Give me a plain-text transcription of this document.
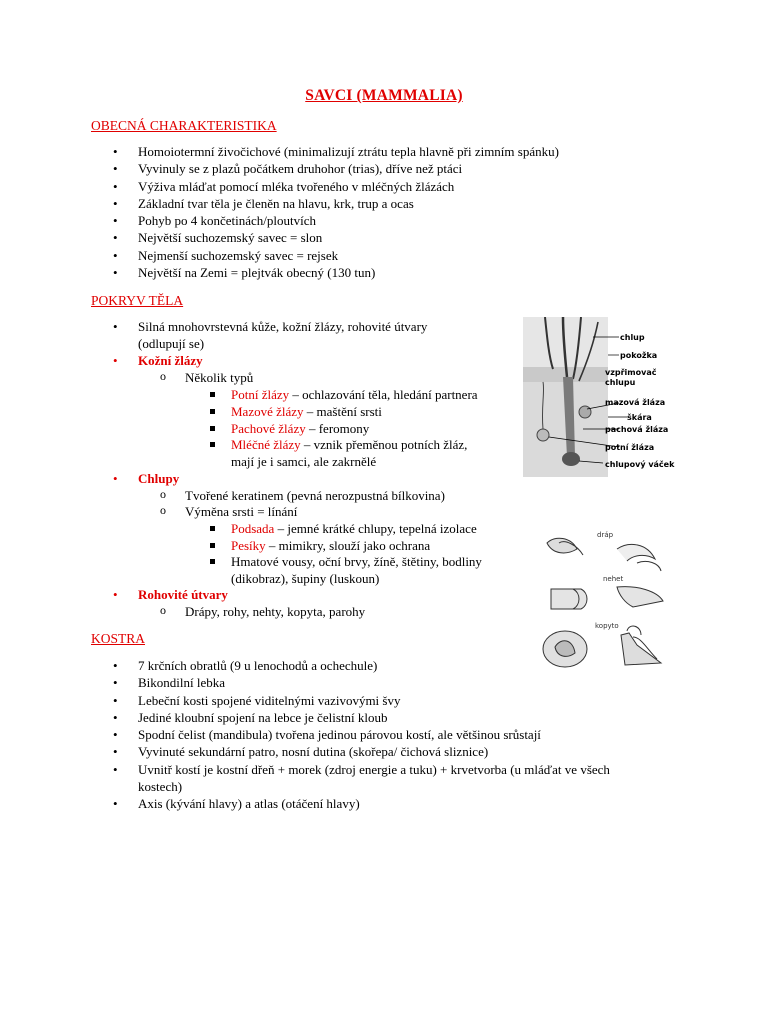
SAVCI (MAMMALIA)
OBECNÁ CHARAKTERISTIKA
• Homoiotermní živočichové (minimalizují ztrátu tepla hlavně při zimním spánku)
• Vyvinuly se z plazů počátkem druhohor (trias), dříve než ptáci
• Výživa mláďat pomocí mléka tvořeného v mléčných žlázách
• Základní tvar těla je členěn na hlavu, krk, trup a ocas
• Pohyb po 4 končetinách/ploutvích
• Největší suchozemský savec = slon
• Nejmenší suchozemský savec = rejsek
• Největší na Zemi = plejtvák obecný (130 tun)
POKRYV TĚLA
• Silná mnohovrstevná kůže, kožní žlázy, rohovité útvary
(odlupují se)
• Kožní žlázy
o Několik typů
Potní žlázy – ochlazování těla, hledání partnera
Mazové žlázy – maštění srsti
Pachové žlázy – feromony
Mléčné žlázy – vznik přeměnou potních žláz,
mají je i samci, ale zakrnělé
• Chlupy
o Tvořené keratinem (pevná nerozpustná bílkovina)
o Výměna srsti = línání
Podsada – jemné krátké chlupy, tepelná izolace
Pesíky – mimikry, slouží jako ochrana
Hmatové vousy, oční brvy, žíně, štětiny, bodliny
(dikobraz), šupiny (luskoun)
• Rohovité útvary
o Drápy, rohy, nehty, kopyta, parohy
KOSTRA
• 7 krčních obratlů (9 u lenochodů a ochechule)
• Bikondilní lebka
• Lebeční kosti spojené viditelnými vazivovými švy
• Jediné kloubní spojení na lebce je čelistní kloub
• Spodní čelist (mandibula) tvořena jedinou párovou kostí, ale většinou srůstají
• Vyvinuté sekundární patro, nosní dutina (skořepa/ čichová sliznice)
• Uvnitř kostí je kostní dřeň + morek (zdroj energie a tuku) + krvetvorba (u mláďat ve všech
kostech)
• Axis (kývání hlavy) a atlas (otáčení hlavy)
chlup
pokožka
vzpřimovač
chlupu
mazová žláza
škára
pachová žláza
potní žláza
chlupový váček
dráp
nehet
kopyto
